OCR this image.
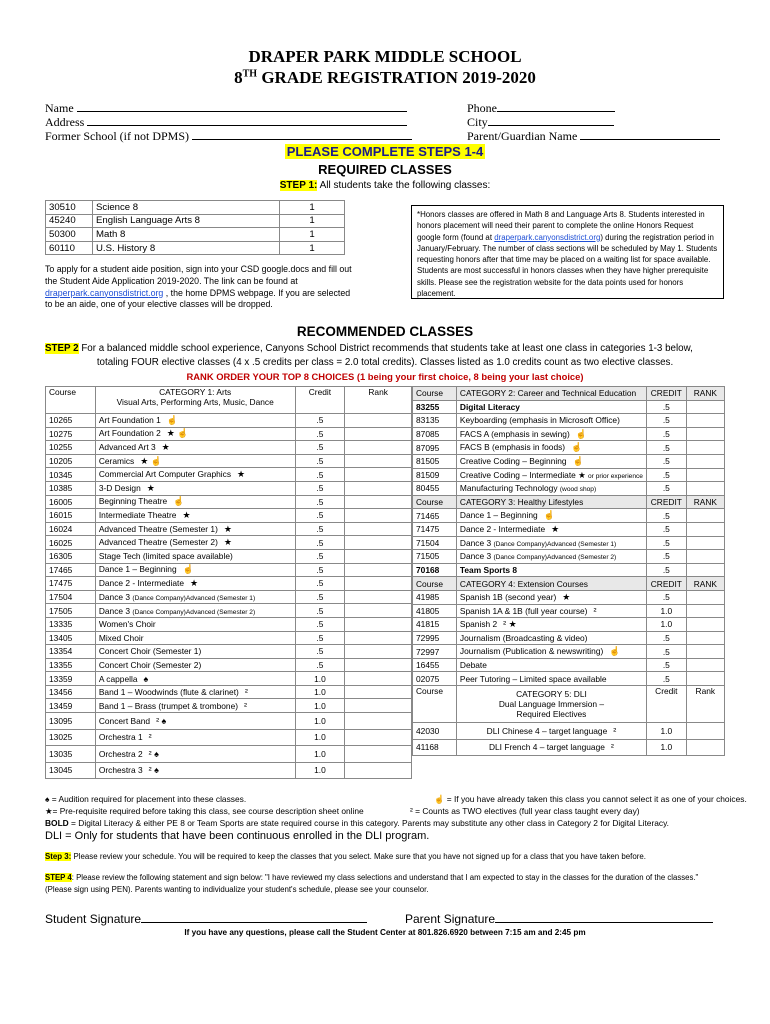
DRAPER PARK MIDDLE SCHOOL
8TH GRADE REGISTRATION 2019-2020
Name
Address
Former School (if not DPMS)
Phone
City
Parent/Guardian Name
PLEASE COMPLETE STEPS 1-4
REQUIRED CLASSES
STEP 1: All students take the following classes:
30510	Science 8	1
45240	English Language Arts 8	1
50300	Math 8	1
60110	U.S. History 8	1
To apply for a student aide position, sign into your CSD google.docs and fill out the Student Aide Application 2019-2020. The link can be found at draperpark.canyonsdistrict.org , the home DPMS webpage. If you are selected to be an aide, one of your elective classes will be dropped.
*Honors classes are offered in Math 8 and Language Arts 8. Students interested in honors placement will need their parent to complete the online Honors Request google form (found at draperpark.canyonsdistrict.org) during the registration period in January/February. The number of class sections will be scheduled by May 1. Students requesting honors after that time may be placed on a waiting list for space available. Students are most successful in honors classes when they have higher prerequisite skills. Please see the registration website for the data points used for honors placement.
RECOMMENDED CLASSES
STEP 2 For a balanced middle school experience, Canyons School District recommends that students take at least one class in categories 1-3 below,
totaling FOUR elective classes (4 x .5 credits per class = 2.0 total credits). Classes listed as 1.0 credits count as two elective classes.
RANK ORDER YOUR TOP 8 CHOICES (1 being your first choice, 8 being your last choice)
Course	CATEGORY 1: Arts
Visual Arts, Performing Arts, Music, Dance	Credit	Rank
10265	Art Foundation 1 ☝	.5	
10275	Art Foundation 2 ★ ☝	.5	
10255	Advanced Art 3 ★	.5	
10205	Ceramics ★ ☝	.5	
10345	Commercial Art Computer Graphics ★	.5	
10385	3-D Design ★	.5	
16005	Beginning Theatre ☝	.5	
16015	Intermediate Theatre ★	.5	
16024	Advanced Theatre (Semester 1) ★	.5	
16025	Advanced Theatre (Semester 2) ★	.5	
16305	Stage Tech (limited space available)	.5	
17465	Dance 1 – Beginning ☝	.5	
17475	Dance 2 - Intermediate ★	.5	
17504	Dance 3 (Dance Company)Advanced (Semester 1)	.5	
17505	Dance 3 (Dance Company)Advanced (Semester 2)	.5	
13335	Women's Choir	.5	
13405	Mixed Choir	.5	
13354	Concert Choir (Semester 1)	.5	
13355	Concert Choir (Semester 2)	.5	
13359	A cappella ♠	1.0	
13456	Band 1 – Woodwinds (flute & clarinet) ²	1.0	
13459	Band 1 – Brass (trumpet & trombone) ²	1.0	
13095	Concert Band ² ♠	1.0	
13025	Orchestra 1 ²	1.0	
13035	Orchestra 2 ² ♠	1.0	
13045	Orchestra 3 ² ♠	1.0	
Course	CATEGORY 2: Career and Technical Education	CREDIT	RANK
83255	Digital Literacy	.5	
83135	Keyboarding (emphasis in Microsoft Office)	.5	
87085	FACS A (emphasis in sewing) ☝	.5	
87095	FACS B (emphasis in foods) ☝	.5	
81505	Creative Coding – Beginning ☝	.5	
81509	Creative Coding – Intermediate ★ or prior experience	.5	
80455	Manufacturing Technology (wood shop)	.5	
Course	CATEGORY 3: Healthy Lifestyles	CREDIT	RANK
71465	Dance 1 – Beginning ☝	.5	
71475	Dance 2 - Intermediate ★	.5	
71504	Dance 3 (Dance Company)Advanced (Semester 1)	.5	
71505	Dance 3 (Dance Company)Advanced (Semester 2)	.5	
70168	Team Sports 8	.5	
Course	CATEGORY 4: Extension Courses	CREDIT	RANK
41985	Spanish 1B (second year) ★	.5	
41805	Spanish 1A & 1B (full year course) ²	1.0	
41815	Spanish 2 ² ★	1.0	
72995	Journalism (Broadcasting & video)	.5	
72997	Journalism (Publication & newswriting) ☝	.5	
16455	Debate	.5	
02075	Peer Tutoring – Limited space available	.5	
Course	CATEGORY 5: DLI
Dual Language Immersion –
Required Electives	Credit	Rank
42030	DLI Chinese 4 – target language ²	1.0	
41168	DLI French 4 – target language ²	1.0	
♠ = Audition required for placement into these classes.
★= Pre-requisite required before taking this class, see course description sheet online
☝ = If you have already taken this class you cannot select it as one of your choices.
² = Counts as TWO electives (full year class taught every day)
BOLD = Digital Literacy & either PE 8 or Team Sports are state required course in this category. Parents may substitute any other class in Category 2 for Digital Literacy.
DLI = Only for students that have been continuous enrolled in the DLI program.
Step 3: Please review your schedule. You will be required to keep the classes that you select. Make sure that you have not signed up for a class that you have taken before.
STEP 4: Please review the following statement and sign below: "I have reviewed my class selections and understand that I am expected to stay in the classes for the duration of the classes."
(Please sign using PEN). Parents wanting to individualize your student's schedule, please see your counselor.
Student Signature	Parent Signature
If you have any questions, please call the Student Center at 801.826.6920 between 7:15 am and 2:45 pm
